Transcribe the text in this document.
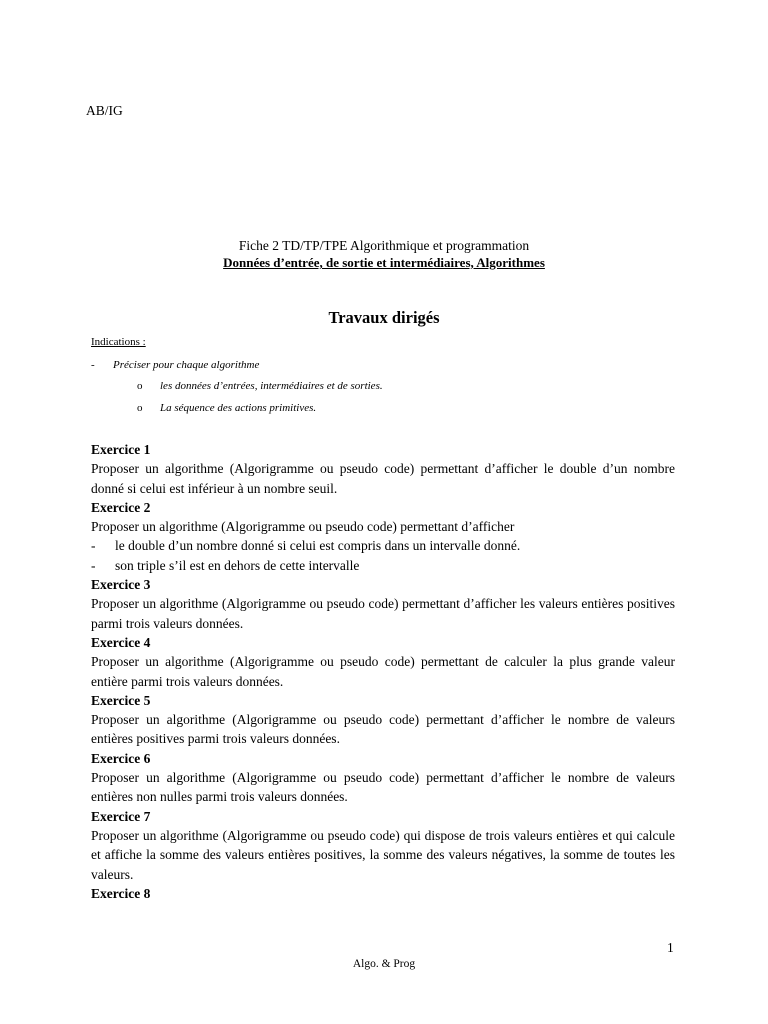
AB/IG
Fiche 2 TD/TP/TPE Algorithmique et programmation
Données d’entrée, de sortie et intermédiaires, Algorithmes
Travaux dirigés
Indications :
- Préciser pour chaque algorithme
o les données d’entrées, intermédiaires et de sorties.
o La séquence des actions primitives.
Exercice 1
Proposer un algorithme (Algorigramme ou pseudo code) permettant d’afficher le double d’un nombre donné si celui est inférieur à un nombre seuil.
Exercice 2
Proposer un algorithme (Algorigramme ou pseudo code) permettant d’afficher
- le double d’un nombre donné si celui est compris dans un intervalle donné.
- son triple s’il est en dehors de cette intervalle
Exercice 3
Proposer un algorithme (Algorigramme ou pseudo code) permettant d’afficher les valeurs entières positives parmi trois valeurs données.
Exercice 4
Proposer un algorithme (Algorigramme ou pseudo code) permettant de calculer la plus grande valeur entière parmi trois valeurs données.
Exercice 5
Proposer un algorithme (Algorigramme ou pseudo code) permettant d’afficher le nombre de valeurs entières positives parmi trois valeurs données.
Exercice 6
Proposer un algorithme (Algorigramme ou pseudo code) permettant d’afficher le nombre de valeurs entières non nulles parmi trois valeurs données.
Exercice 7
Proposer un algorithme (Algorigramme ou pseudo code) qui dispose de trois valeurs entières et qui calcule et affiche la somme des valeurs entières positives, la somme des valeurs négatives, la somme de toutes les valeurs.
Exercice 8
1
Algo. & Prog
